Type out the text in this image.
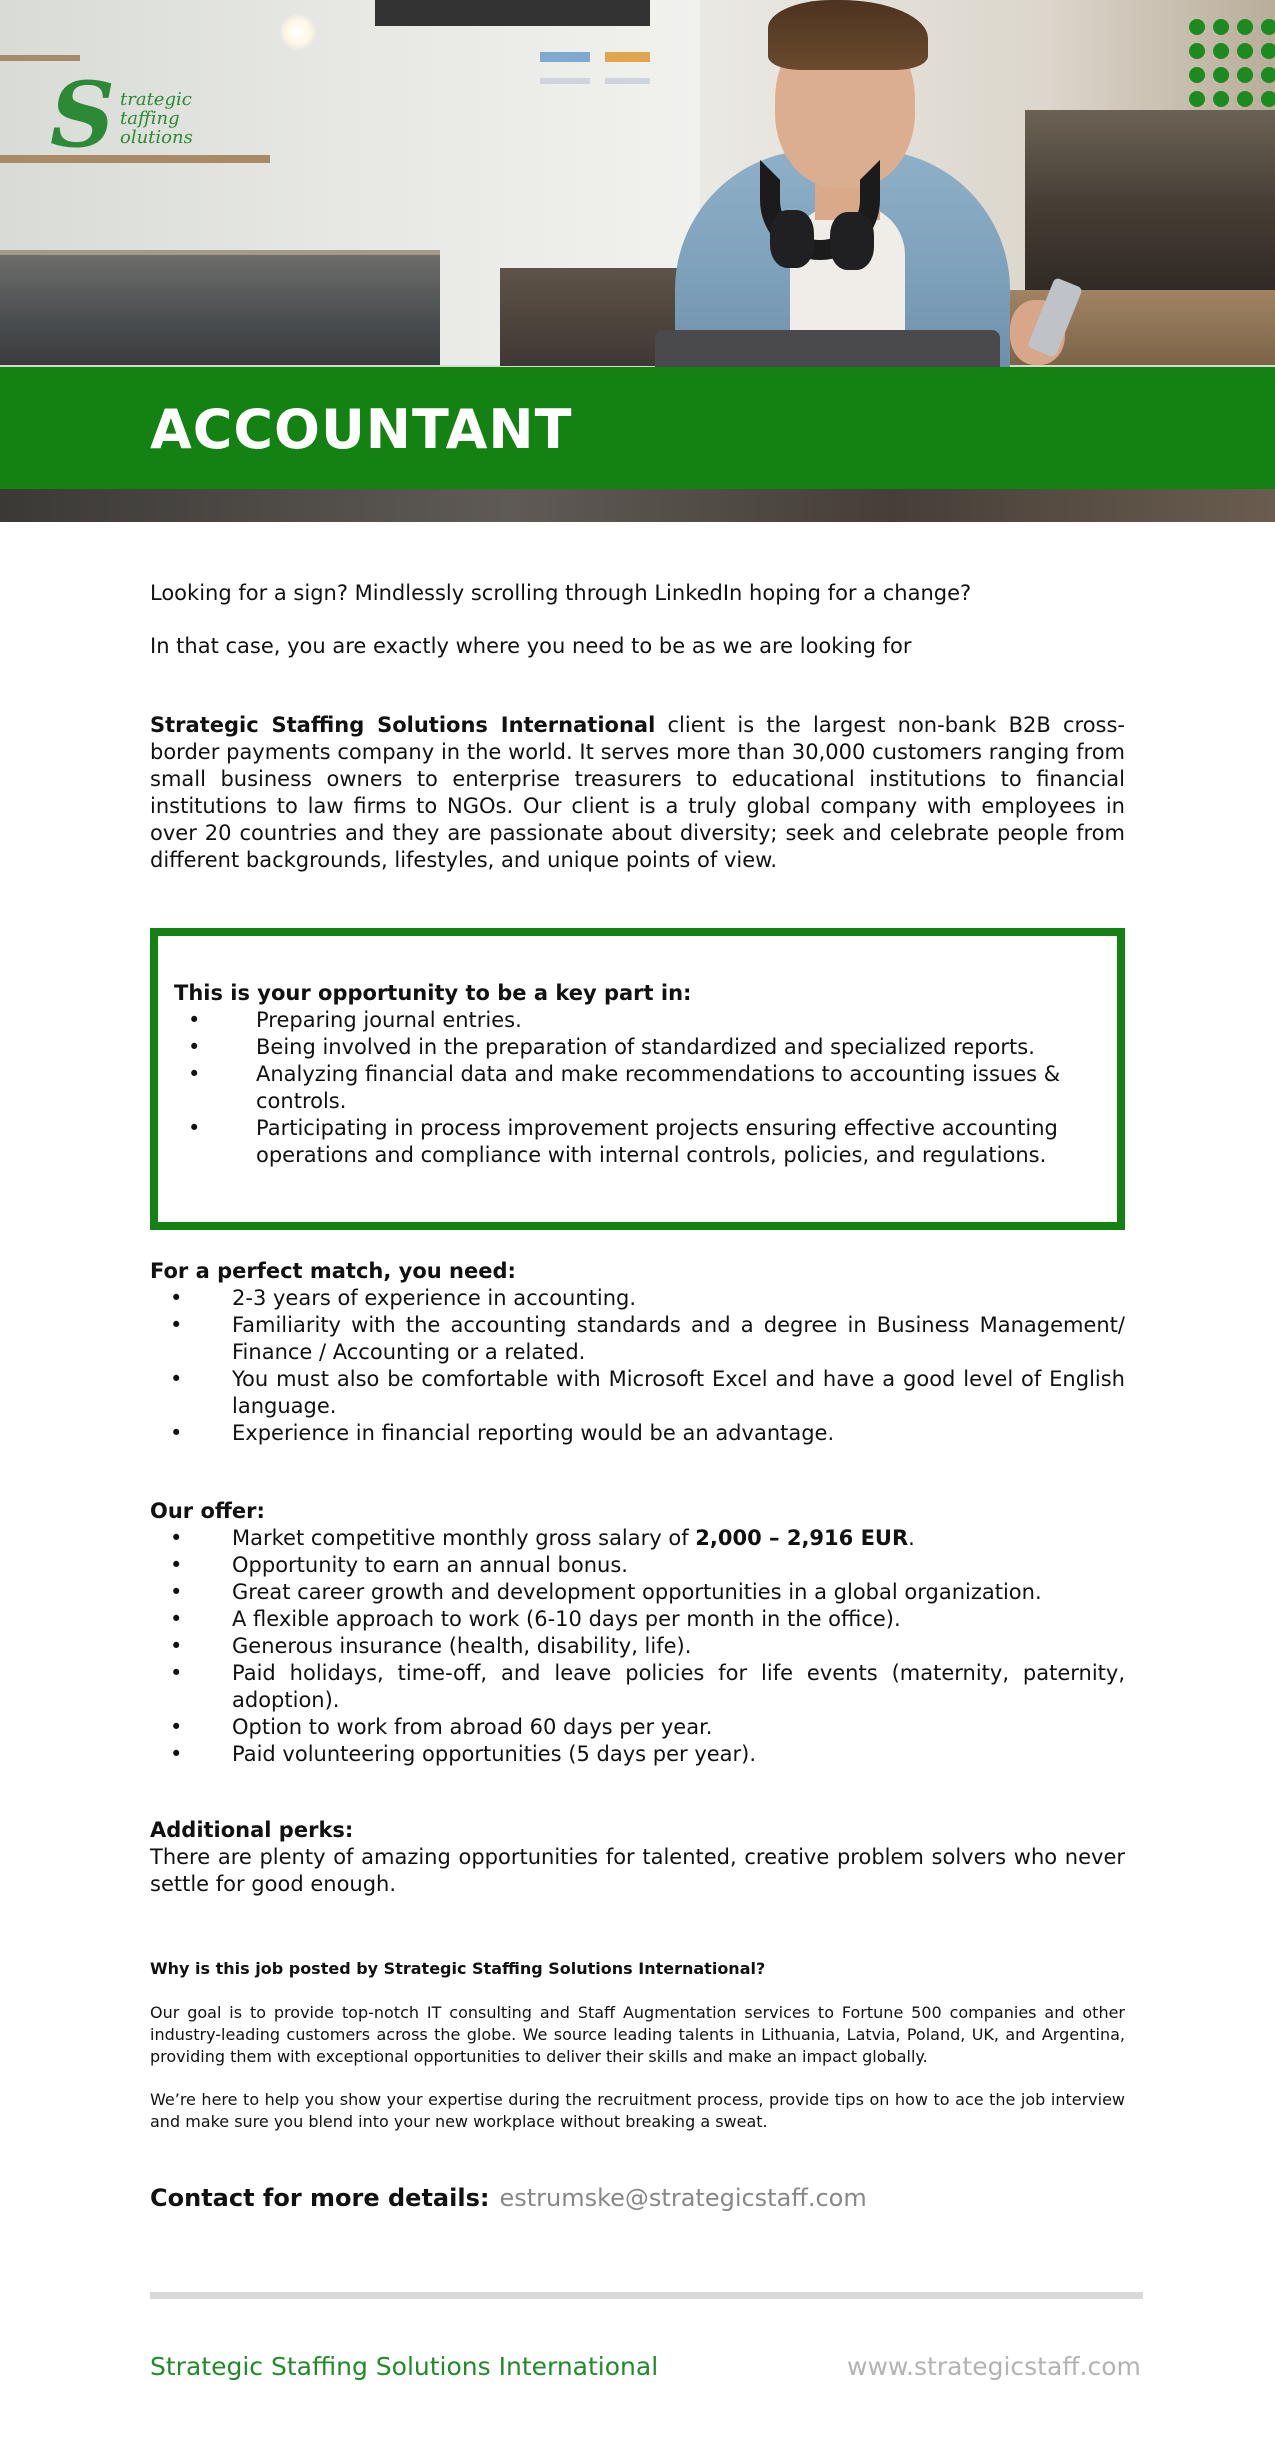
S trategic
taffing
olutions
ACCOUNTANT
Looking for a sign? Mindlessly scrolling through LinkedIn hoping for a change?
In that case, you are exactly where you need to be as we are looking for
Strategic Staffing Solutions International client is the largest non-bank B2B cross-border payments company in the world. It serves more than 30,000 customers ranging from small business owners to enterprise treasurers to educational institutions to financial institutions to law firms to NGOs. Our client is a truly global company with employees in over 20 countries and they are passionate about diversity; seek and celebrate people from different backgrounds, lifestyles, and unique points of view.
This is your opportunity to be a key part in:
• Preparing journal entries.
• Being involved in the preparation of standardized and specialized reports.
• Analyzing financial data and make recommendations to accounting issues & controls.
• Participating in process improvement projects ensuring effective accounting operations and compliance with internal controls, policies, and regulations.
For a perfect match, you need:
• 2-3 years of experience in accounting.
• Familiarity with the accounting standards and a degree in Business Management/ Finance / Accounting or a related.
• You must also be comfortable with Microsoft Excel and have a good level of English language.
• Experience in financial reporting would be an advantage.
Our offer:
• Market competitive monthly gross salary of 2,000 – 2,916 EUR.
• Opportunity to earn an annual bonus.
• Great career growth and development opportunities in a global organization.
• A flexible approach to work (6-10 days per month in the office).
• Generous insurance (health, disability, life).
• Paid holidays, time-off, and leave policies for life events (maternity, paternity, adoption).
• Option to work from abroad 60 days per year.
• Paid volunteering opportunities (5 days per year).
Additional perks:
There are plenty of amazing opportunities for talented, creative problem solvers who never settle for good enough.
Why is this job posted by Strategic Staffing Solutions International?
Our goal is to provide top-notch IT consulting and Staff Augmentation services to Fortune 500 companies and other industry-leading customers across the globe. We source leading talents in Lithuania, Latvia, Poland, UK, and Argentina, providing them with exceptional opportunities to deliver their skills and make an impact globally.
We’re here to help you show your expertise during the recruitment process, provide tips on how to ace the job interview and make sure you blend into your new workplace without breaking a sweat.
Contact for more details: estrumske@strategicstaff.com
Strategic Staffing Solutions International	www.strategicstaff.com
